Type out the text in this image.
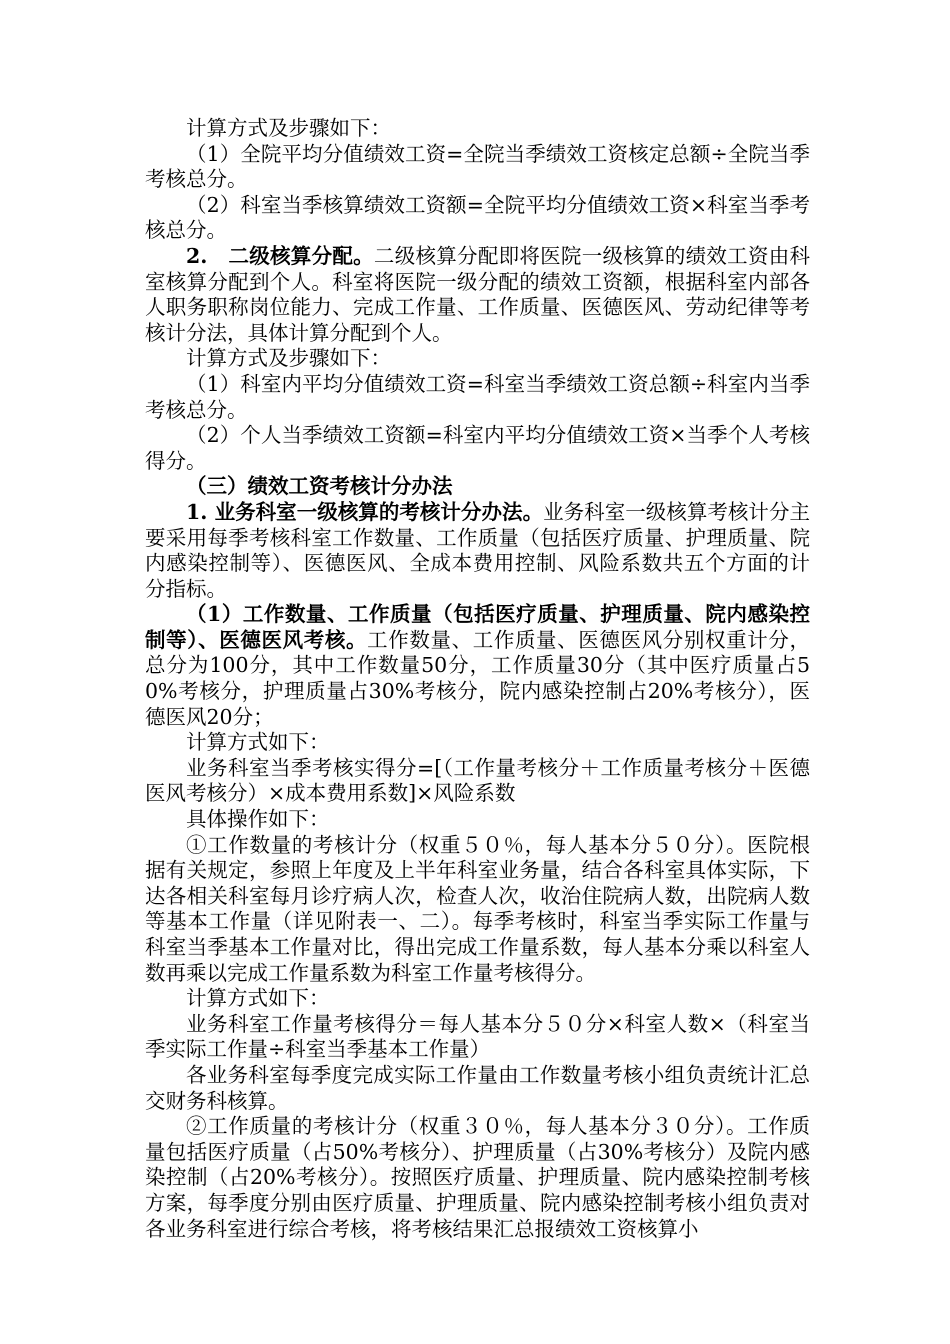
计算方式及步骤如下：

（1）全院平均分值绩效工资=全院当季绩效工资核定总额÷全院当季考核总分。

（2）科室当季核算绩效工资额=全院平均分值绩效工资×科室当季考核总分。

2.　二级核算分配。二级核算分配即将医院一级核算的绩效工资由科室核算分配到个人。科室将医院一级分配的绩效工资额，根据科室内部各人职务职称岗位能力、完成工作量、工作质量、医德医风、劳动纪律等考核计分法，具体计算分配到个人。

计算方式及步骤如下：

（1）科室内平均分值绩效工资=科室当季绩效工资总额÷科室内当季考核总分。

（2）个人当季绩效工资额=科室内平均分值绩效工资×当季个人考核得分。

（三）绩效工资考核计分办法

1. 业务科室一级核算的考核计分办法。业务科室一级核算考核计分主要采用每季考核科室工作数量、工作质量（包括医疗质量、护理质量、院内感染控制等）、医德医风、全成本费用控制、风险系数共五个方面的计分指标。

（1）工作数量、工作质量（包括医疗质量、护理质量、院内感染控制等）、医德医风考核。工作数量、工作质量、医德医风分别权重计分，总分为100分，其中工作数量50分，工作质量30分（其中医疗质量占50%考核分，护理质量占30%考核分，院内感染控制占20%考核分），医德医风20分；

计算方式如下：

业务科室当季考核实得分=[（工作量考核分＋工作质量考核分＋医德医风考核分）×成本费用系数]×风险系数

具体操作如下：

①工作数量的考核计分（权重５０％，每人基本分５０分）。医院根据有关规定，参照上年度及上半年科室业务量，结合各科室具体实际，下达各相关科室每月诊疗病人次，检查人次，收治住院病人数，出院病人数等基本工作量（详见附表一、二）。每季考核时，科室当季实际工作量与科室当季基本工作量对比，得出完成工作量系数，每人基本分乘以科室人数再乘以完成工作量系数为科室工作量考核得分。

计算方式如下：

业务科室工作量考核得分＝每人基本分５０分×科室人数×（科室当季实际工作量÷科室当季基本工作量）

各业务科室每季度完成实际工作量由工作数量考核小组负责统计汇总交财务科核算。

②工作质量的考核计分（权重３０％，每人基本分３０分）。工作质量包括医疗质量（占50%考核分）、护理质量（占30%考核分）及院内感染控制（占20%考核分）。按照医疗质量、护理质量、院内感染控制考核方案，每季度分别由医疗质量、护理质量、院内感染控制考核小组负责对各业务科室进行综合考核，将考核结果汇总报绩效工资核算小
